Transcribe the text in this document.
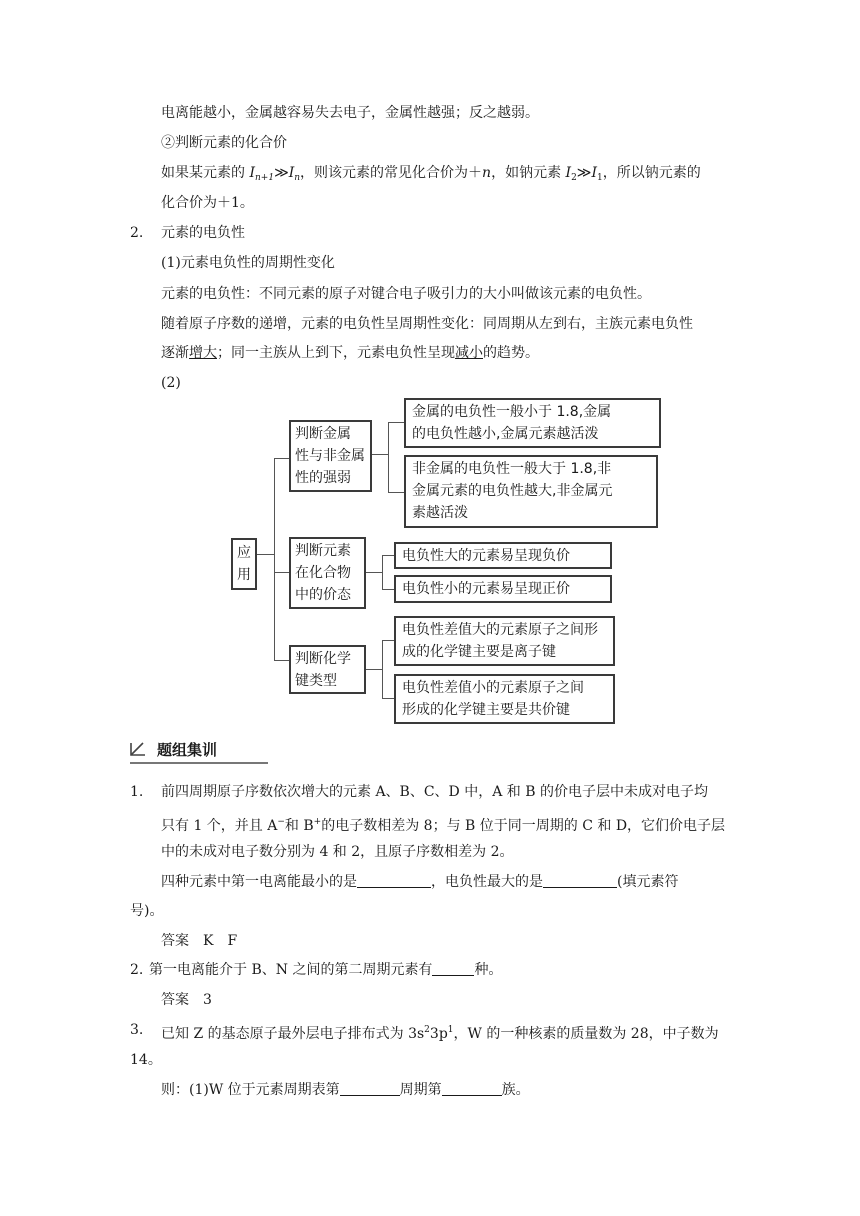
电离能越小，金属越容易失去电子，金属性越强；反之越弱。
②判断元素的化合价
如果某元素的 $I_{n+1}≫I_n$，则该元素的常见化合价为＋n，如钠元素 $I_2≫I_1$，所以钠元素的
化合价为＋1。
2. 元素的电负性
(1)元素电负性的周期性变化
元素的电负性：不同元素的原子对键合电子吸引力的大小叫做该元素的电负性。
随着原子序数的递增，元素的电负性呈周期性变化：同周期从左到右，主族元素电负性
逐渐增大；同一主族从上到下，元素电负性呈现减小的趋势。
(2)
应
用
判断金属
性与非金属
性的强弱
金属的电负性一般小于 1.8,金属
的电负性越小,金属元素越活泼
非金属的电负性一般大于 1.8,非
金属元素的电负性越大,非金属元
素越活泼
判断元素
在化合物
中的价态
电负性大的元素易呈现负价
电负性小的元素易呈现正价
判断化学
键类型
电负性差值大的元素原子之间形
成的化学键主要是离子键
电负性差值小的元素原子之间
形成的化学键主要是共价键
题组集训
1. 前四周期原子序数依次增大的元素 A、B、C、D 中，A 和 B 的价电子层中未成对电子均
只有 1 个，并且 A−和 B+的电子数相差为 8；与 B 位于同一周期的 C 和 D，它们价电子层
中的未成对电子数分别为 4 和 2，且原子序数相差为 2。
四种元素中第一电离能最小的是	，电负性最大的是	(填元素符
号)。
答案　K　F
2. 第一电离能介于 B、N 之间的第二周期元素有	种。
答案　3
3. 已知 Z 的基态原子最外层电子排布式为 $3s^23p^1$，W 的一种核素的质量数为 28，中子数为
14。
则：(1)W 位于元素周期表第	周期第	族。
